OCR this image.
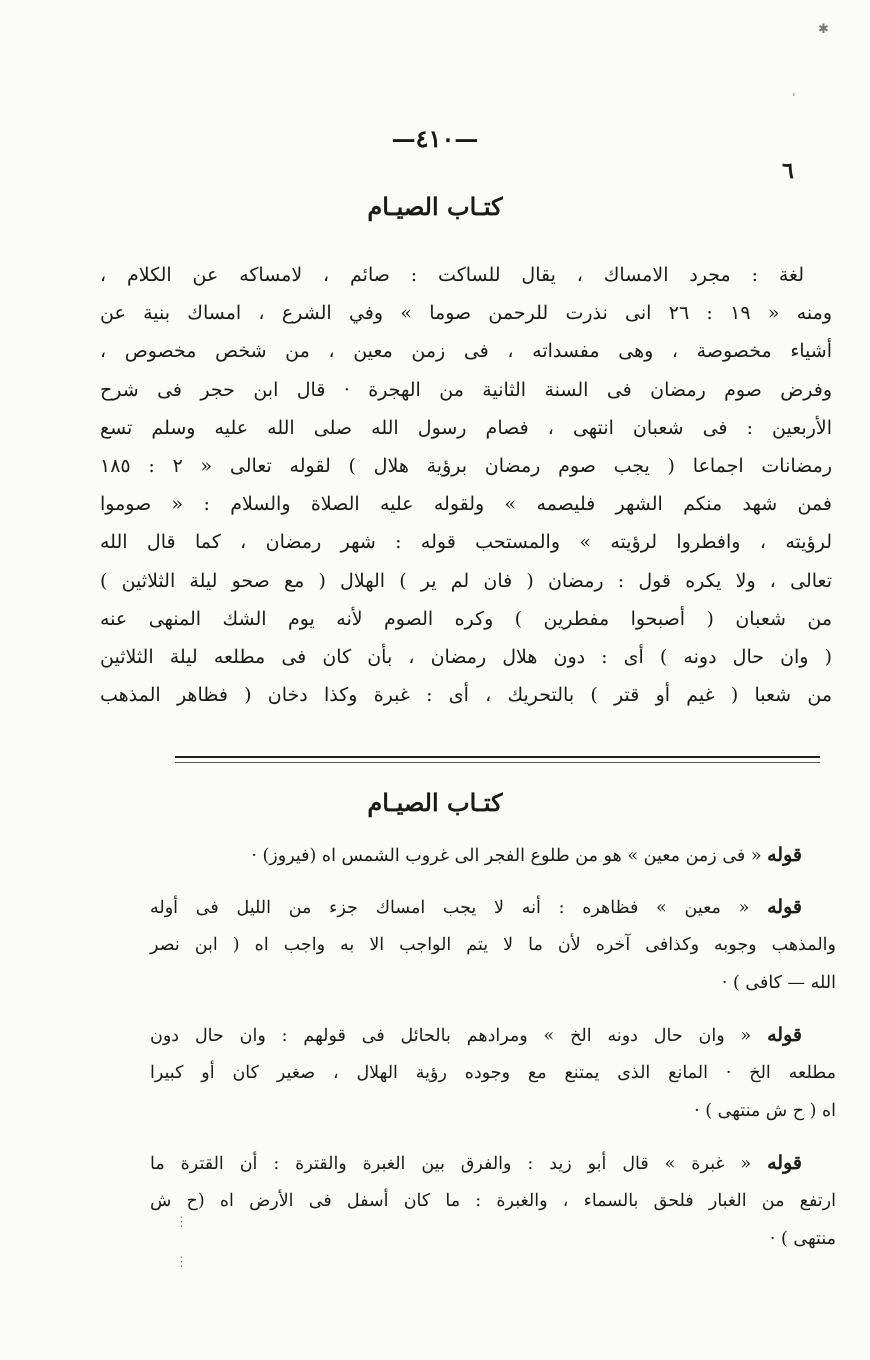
—٤١٠—
٦
كتـاب الصيـام
لغة : مجرد الامساك ، يقال للساكت : صائم ، لامساكه عن الكلام ،
ومنه « ١٩ : ٢٦ انى نذرت للرحمن صوما » وفي الشرع ، امساك بنية عن
أشياء مخصوصة ، وهى مفسداته ، فى زمن معين ، من شخص مخصوص ،
وفرض صوم رمضان فى السنة الثانية من الهجرة · قال ابن حجر فى شرح
الأربعين : فى شعبان انتهى ، فصام رسول الله صلى الله عليه وسلم تسع
رمضانات اجماعا ( يجب صوم رمضان برؤية هلال ) لقوله تعالى « ٢ : ١٨٥
فمن شهد منكم الشهر فليصمه » ولقوله عليه الصلاة والسلام : « صوموا
لرؤيته ، وافطروا لرؤيته » والمستحب قوله : شهر رمضان ، كما قال الله
تعالى ، ولا يكره قول : رمضان ( فان لم ير ) الهلال ( مع صحو ليلة الثلاثين )
من شعبان ( أصبحوا مفطرين ) وكره الصوم لأنه يوم الشك المنهى عنه
( وان حال دونه ) أى : دون هلال رمضان ، بأن كان فى مطلعه ليلة الثلاثين
من شعبا ( غيم أو قتر ) بالتحريك ، أى : غبرة وكذا دخان ( فظاهر المذهب
كتـاب الصيـام
قوله « فى زمن معين » هو من طلوع الفجر الى غروب الشمس اه (فيروز) ·
قوله « معين » فظاهره : أنه لا يجب امساك جزء من الليل فى أوله
والمذهب وجوبه وكذافى آخره لأن ما لا يتم الواجب الا به واجب اه ( ابن نصر
الله — كافى ) ·
قوله « وان حال دونه الخ » ومرادهم بالحائل فى قولهم : وان حال دون
مطلعه الخ · المانع الذى يمتنع مع وجوده رؤية الهلال ، صغير كان أو كبيرا
اه ( ح ش منتهى ) ·
قوله « غبرة » قال أبو زيد : والفرق بين الغبرة والقترة : أن القترة ما
ارتفع من الغبار فلحق بالسماء ، والغبرة : ما كان أسفل فى الأرض اه (ح ش
منتهى ) ·
✱
ˈ
⋮
⋮
